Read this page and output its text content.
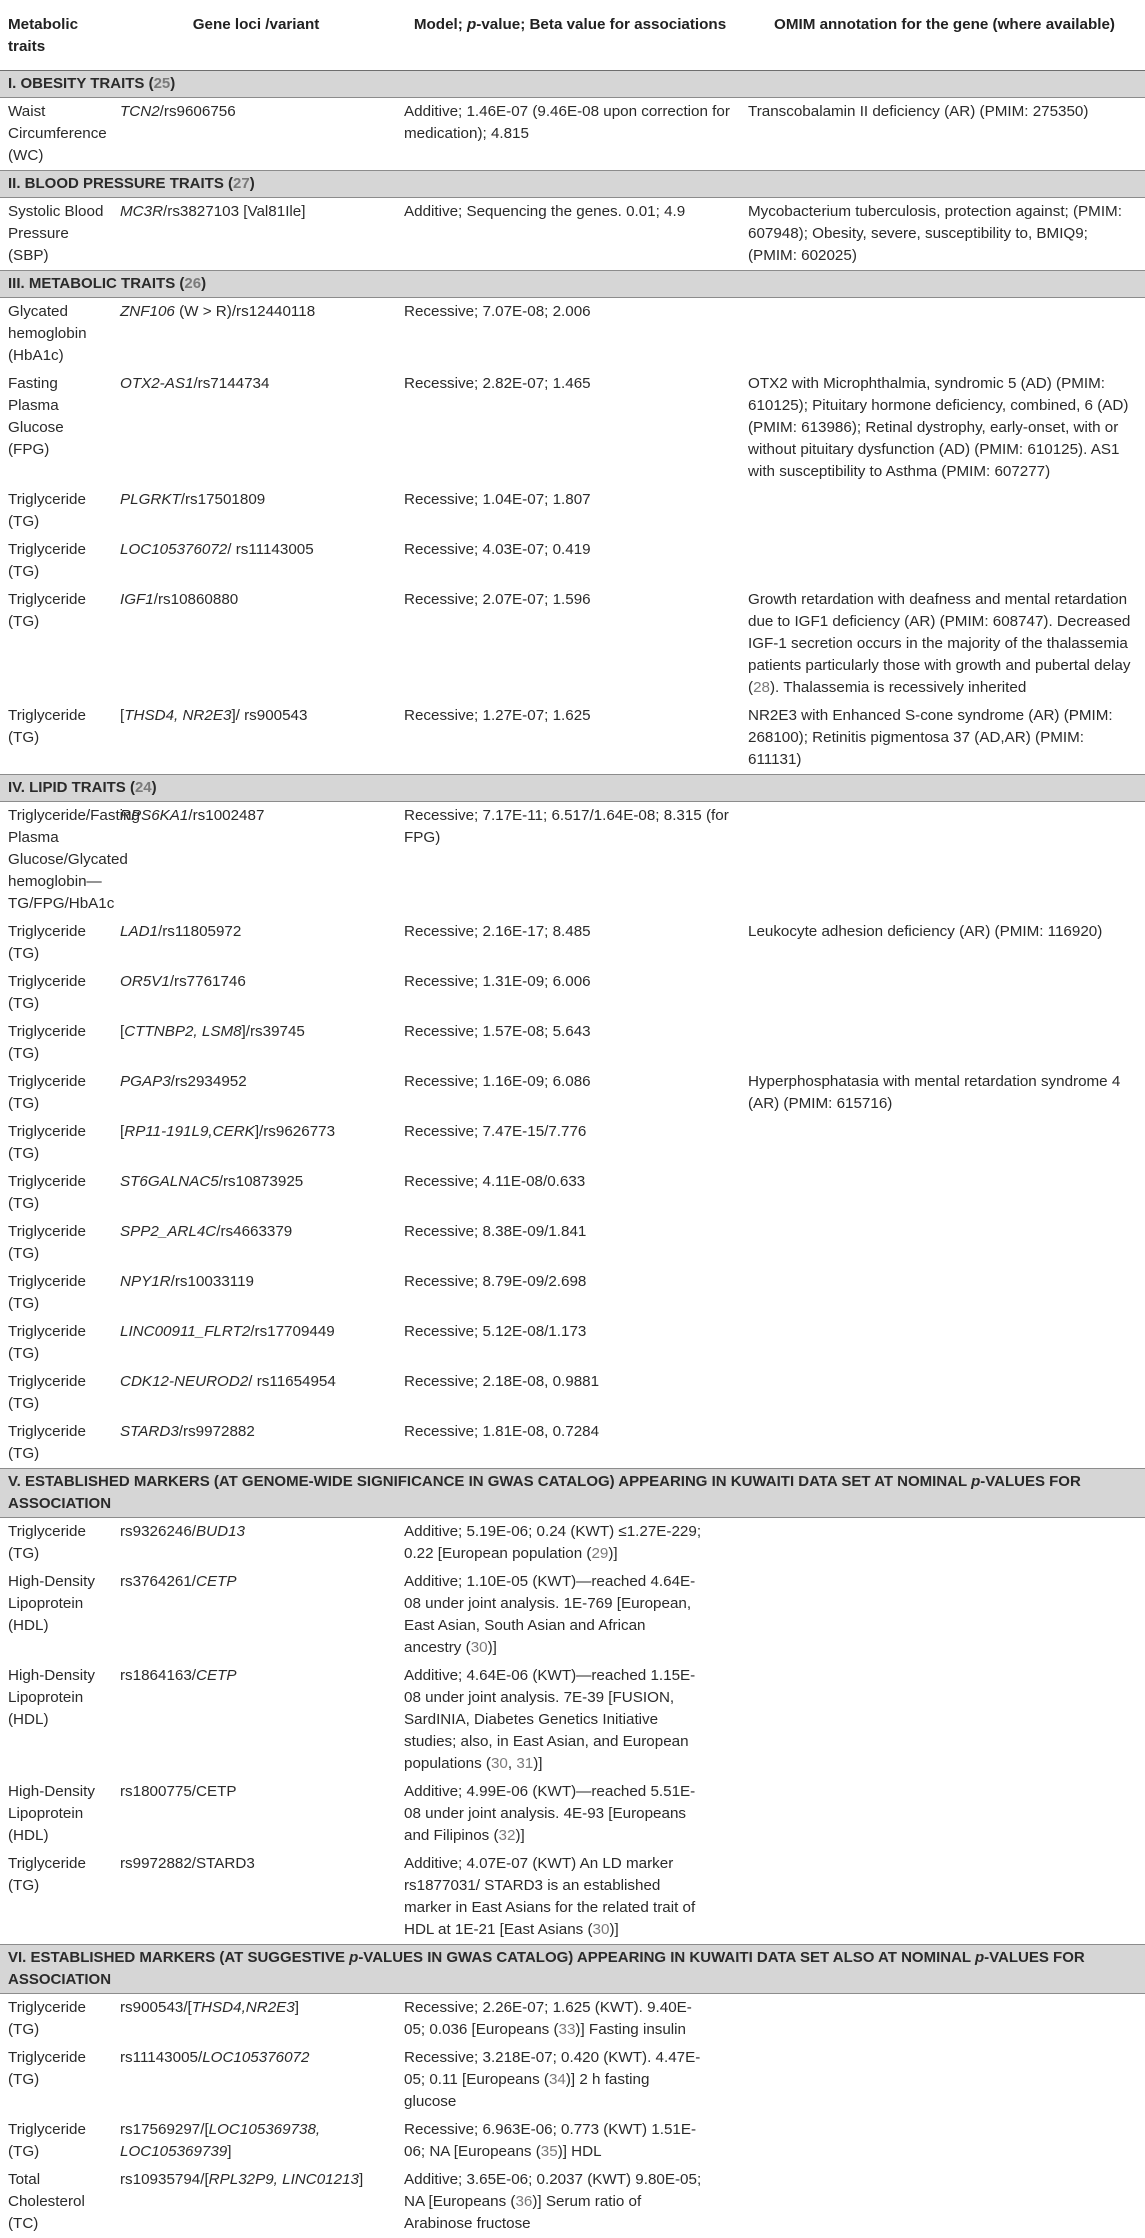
Metabolic traits	Gene loci /variant	Model; p-value; Beta value for associations	OMIM annotation for the gene (where available)
I. OBESITY TRAITS (25)			
Waist Circumference (WC)	TCN2/rs9606756	Additive; 1.46E-07 (9.46E-08 upon correction for medication); 4.815	Transcobalamin II deficiency (AR) (PMIM: 275350)
II. BLOOD PRESSURE TRAITS (27)			
Systolic Blood Pressure (SBP)	MC3R/rs3827103 [Val81Ile]	Additive; Sequencing the genes. 0.01; 4.9	Mycobacterium tuberculosis, protection against; (PMIM: 607948); Obesity, severe, susceptibility to, BMIQ9; (PMIM: 602025)
III. METABOLIC TRAITS (26)			
Glycated hemoglobin (HbA1c)	ZNF106 (W > R)/rs12440118	Recessive; 7.07E-08; 2.006	
Fasting Plasma Glucose (FPG)	OTX2-AS1/rs7144734	Recessive; 2.82E-07; 1.465	OTX2 with Microphthalmia, syndromic 5 (AD) (PMIM: 610125); Pituitary hormone deficiency, combined, 6 (AD) (PMIM: 613986); Retinal dystrophy, early-onset, with or without pituitary dysfunction (AD) (PMIM: 610125). AS1 with susceptibility to Asthma (PMIM: 607277)
Triglyceride (TG)	PLGRKT/rs17501809	Recessive; 1.04E-07; 1.807	
Triglyceride (TG)	LOC105376072/ rs11143005	Recessive; 4.03E-07; 0.419	
Triglyceride (TG)	IGF1/rs10860880	Recessive; 2.07E-07; 1.596	Growth retardation with deafness and mental retardation due to IGF1 deficiency (AR) (PMIM: 608747). Decreased IGF-1 secretion occurs in the majority of the thalassemia patients particularly those with growth and pubertal delay (28). Thalassemia is recessively inherited
Triglyceride (TG)	[THSD4, NR2E3]/ rs900543	Recessive; 1.27E-07; 1.625	NR2E3 with Enhanced S-cone syndrome (AR) (PMIM: 268100); Retinitis pigmentosa 37 (AD,AR) (PMIM: 611131)
IV. LIPID TRAITS (24)			
Triglyceride/Fasting Plasma Glucose/Glycated hemoglobin—TG/FPG/HbA1c	RPS6KA1/rs1002487	Recessive; 7.17E-11; 6.517/1.64E-08; 8.315 (for FPG)	
Triglyceride (TG)	LAD1/rs11805972	Recessive; 2.16E-17; 8.485	Leukocyte adhesion deficiency (AR) (PMIM: 116920)
Triglyceride (TG)	OR5V1/rs7761746	Recessive; 1.31E-09; 6.006	
Triglyceride (TG)	[CTTNBP2, LSM8]/rs39745	Recessive; 1.57E-08; 5.643	
Triglyceride (TG)	PGAP3/rs2934952	Recessive; 1.16E-09; 6.086	Hyperphosphatasia with mental retardation syndrome 4 (AR) (PMIM: 615716)
Triglyceride (TG)	[RP11-191L9,CERK]/rs9626773	Recessive; 7.47E-15/7.776	
Triglyceride (TG)	ST6GALNAC5/rs10873925	Recessive; 4.11E-08/0.633	
Triglyceride (TG)	SPP2_ARL4C/rs4663379	Recessive; 8.38E-09/1.841	
Triglyceride (TG)	NPY1R/rs10033119	Recessive; 8.79E-09/2.698	
Triglyceride (TG)	LINC00911_FLRT2/rs17709449	Recessive; 5.12E-08/1.173	
Triglyceride (TG)	CDK12-NEUROD2/ rs11654954	Recessive; 2.18E-08, 0.9881	
Triglyceride (TG)	STARD3/rs9972882	Recessive; 1.81E-08, 0.7284	
V. ESTABLISHED MARKERS (AT GENOME-WIDE SIGNIFICANCE IN GWAS CATALOG) APPEARING IN KUWAITI DATA SET AT NOMINAL p-VALUES FOR ASSOCIATION			
Triglyceride (TG)	rs9326246/BUD13	Additive; 5.19E-06; 0.24 (KWT) ≤1.27E-229; 0.22 [European population (29)]	

High-Density Lipoprotein (HDL)	rs3764261/CETP	Additive; 1.10E-05 (KWT)—reached 4.64E-08 under joint analysis. 1E-769 [European, East Asian, South Asian and African ancestry (30)]	

High-Density Lipoprotein (HDL)	rs1864163/CETP	Additive; 4.64E-06 (KWT)—reached 1.15E-08 under joint analysis. 7E-39 [FUSION, SardINIA, Diabetes Genetics Initiative studies; also, in East Asian, and European populations (30, 31)]	

High-Density Lipoprotein (HDL)	rs1800775/CETP	Additive; 4.99E-06 (KWT)—reached 5.51E-08 under joint analysis. 4E-93 [Europeans and Filipinos (32)]	

Triglyceride (TG)	rs9972882/STARD3	Additive; 4.07E-07 (KWT) An LD marker rs1877031/ STARD3 is an established marker in East Asians for the related trait of HDL at 1E-21 [East Asians (30)]	

VI. ESTABLISHED MARKERS (AT SUGGESTIVE p-VALUES IN GWAS CATALOG) APPEARING IN KUWAITI DATA SET ALSO AT NOMINAL p-VALUES FOR ASSOCIATION			
Triglyceride (TG)	rs900543/[THSD4,NR2E3]	Recessive; 2.26E-07; 1.625 (KWT). 9.40E-05; 0.036 [Europeans (33)] Fasting insulin	

Triglyceride (TG)	rs11143005/LOC105376072	Recessive; 3.218E-07; 0.420 (KWT). 4.47E-05; 0.11 [Europeans (34)] 2 h fasting glucose	

Triglyceride (TG)	rs17569297/[LOC105369738, LOC105369739]	Recessive; 6.963E-06; 0.773 (KWT) 1.51E-06; NA [Europeans (35)] HDL	

Total Cholesterol (TC)	rs10935794/[RPL32P9, LINC01213]	Additive; 3.65E-06; 0.2037 (KWT) 9.80E-05; NA [Europeans (36)] Serum ratio of Arabinose fructose	
